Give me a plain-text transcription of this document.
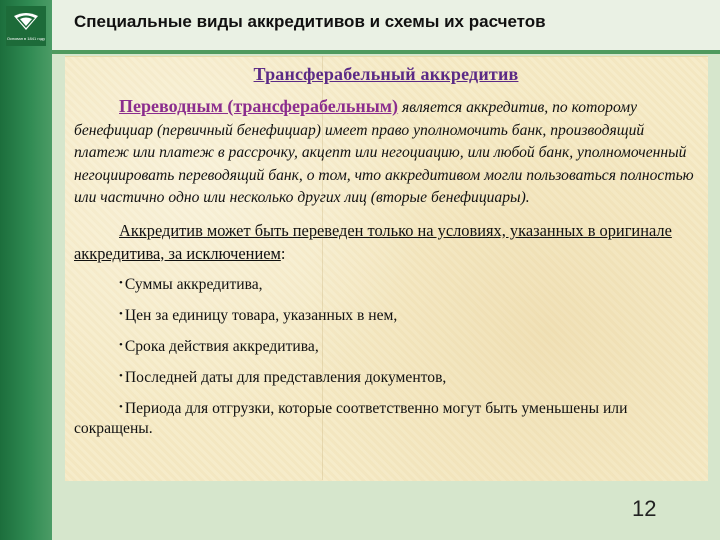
Основан в 1841 году
Специальные виды аккредитивов и схемы их расчетов
Трансферабельный аккредитив

Переводным (трансферабельным) является аккредитив, по которому бенефициар (первичный бенефициар) имеет право уполномочить банк, производящий платеж или платеж в рассрочку, акцепт или негоциацию, или любой банк, уполномоченный негоциировать переводящий банк, о том, что аккредитивом могли пользоваться полностью или частично одно или несколько других лиц (вторые бенефициары).

Аккредитив может быть переведен только на условиях, указанных в оригинале аккредитива, за исключением:

• Суммы аккредитива,
• Цен за единицу товара, указанных в нем,
• Срока действия аккредитива,
• Последней даты для представления документов,
• Периода для отгрузки, которые соответственно могут быть уменьшены или сокращены.
12
